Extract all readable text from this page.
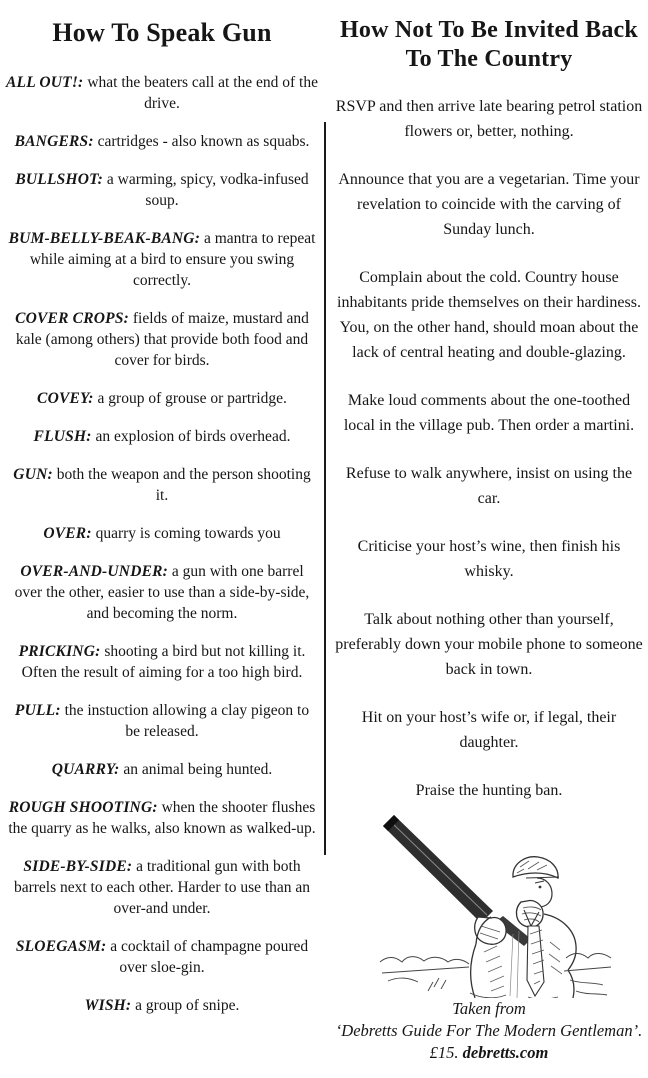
How To Speak Gun

ALL OUT!: what the beaters call at the end of the drive.

BANGERS: cartridges - also known as squabs.

BULLSHOT: a warming, spicy, vodka-infused soup.

BUM-BELLY-BEAK-BANG: a mantra to repeat while aiming at a bird to ensure you swing correctly.

COVER CROPS: fields of maize, mustard and kale (among others) that provide both food and cover for birds.

COVEY: a group of grouse or partridge.

FLUSH: an explosion of birds overhead.

GUN: both the weapon and the person shooting it.

OVER: quarry is coming towards you

OVER-AND-UNDER: a gun with one barrel over the other, easier to use than a side-by-side, and becoming the norm.

PRICKING: shooting a bird but not killing it. Often the result of aiming for a too high bird.

PULL: the instuction allowing a clay pigeon to be released.

QUARRY: an animal being hunted.

ROUGH SHOOTING: when the shooter flushes the quarry as he walks, also known as walked-up.

SIDE-BY-SIDE: a traditional gun with both barrels next to each other. Harder to use than an over-and under.

SLOEGASM: a cocktail of champagne poured over sloe-gin.

WISH: a group of snipe.

How Not To Be Invited Back
To The Country

RSVP and then arrive late bearing petrol station flowers or, better, nothing.

Announce that you are a vegetarian. Time your revelation to coincide with the carving of Sunday lunch.

Complain about the cold. Country house inhabitants pride themselves on their hardiness. You, on the other hand, should moan about the lack of central heating and double-glazing.

Make loud comments about the one-toothed local in the village pub. Then order a martini.

Refuse to walk anywhere, insist on using the car.

Criticise your host’s wine, then finish his whisky.

Talk about nothing other than yourself, preferably down your mobile phone to someone back in town.

Hit on your host’s wife or, if legal, their daughter.

Praise the hunting ban.

Taken from
‘Debretts Guide For The Modern Gentleman’.
£15. debretts.com
